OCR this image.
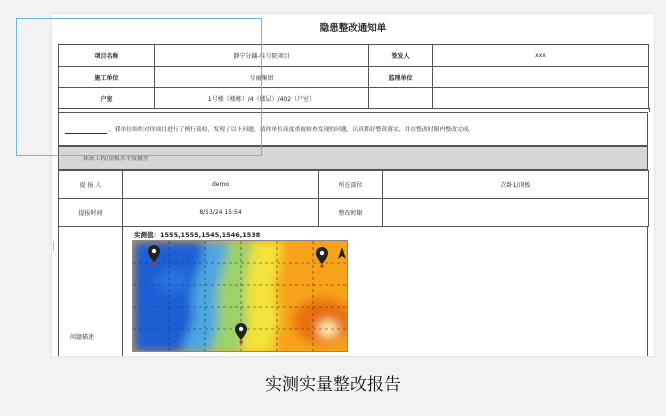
隐患整改通知单
项目名称	静宁分鋪-桂号院项目	签发人	xxx
施工单位	兮丽集团	监理单位	
户室	1号楼（楼栋）/4（楼层）/402（户室）		
，我单位组织对你项目进行了例行巡检，发现了以下问题，请你单位高度重视检查发现的问题，认真抓好整改落实，并在整改时限内整改完成。
抹灰工程/顶板水平度极差
提 报 人	demo	所在部位	次卧1/顶板
提报时间	8/13/24 15:54	整改时限	
问题描述
实测值：1555,1555,1545,1546,1538
实测实量整改报告
